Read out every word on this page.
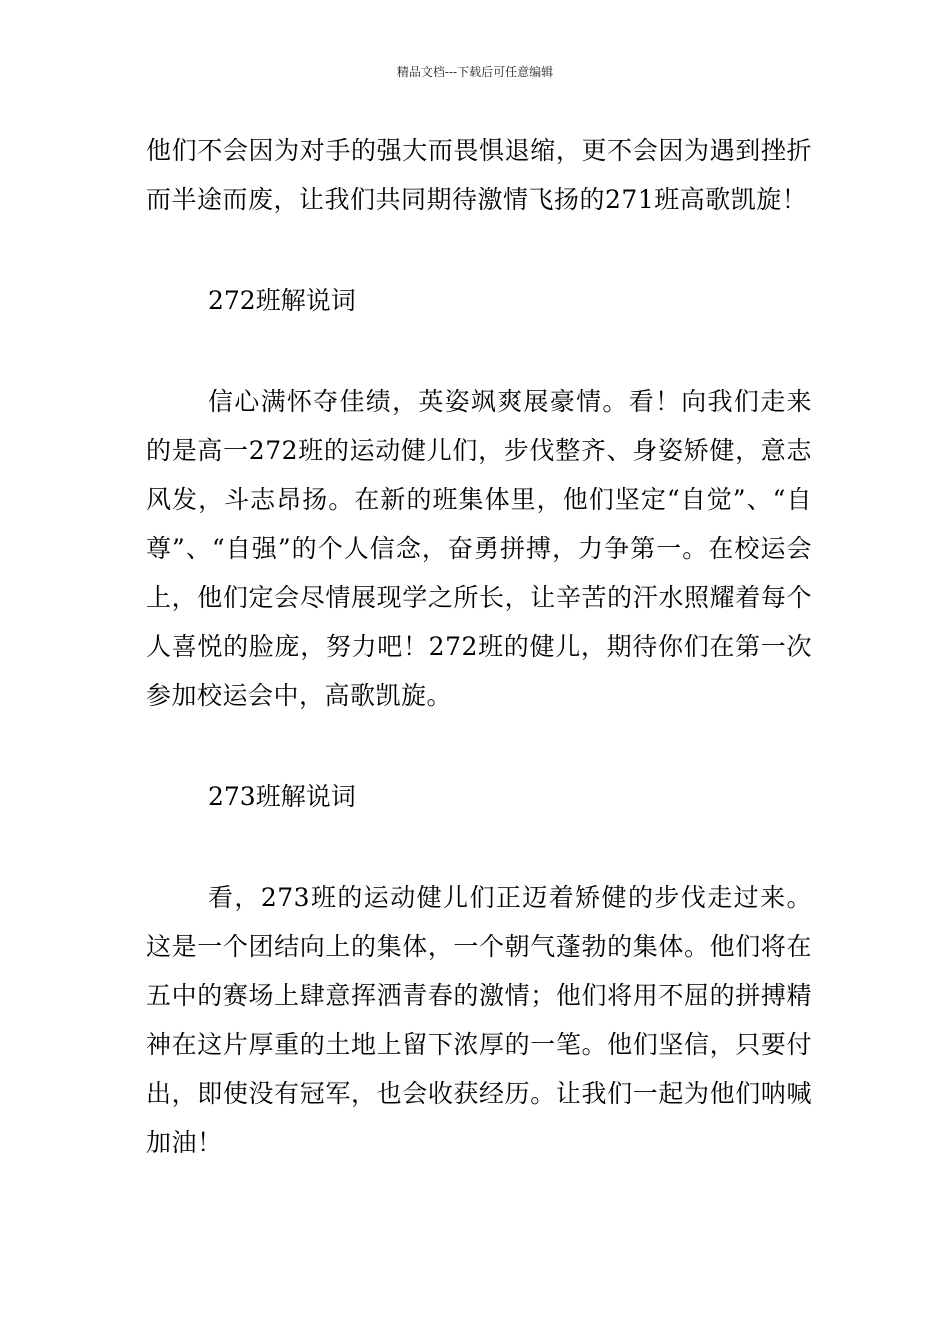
精品文档---下载后可任意编辑

他们不会因为对手的强大而畏惧退缩，更不会因为遇到挫折而半途而废，让我们共同期待激情飞扬的271班高歌凯旋！

272班解说词

信心满怀夺佳绩，英姿飒爽展豪情。看！向我们走来的是高一272班的运动健儿们，步伐整齐、身姿矫健，意志风发，斗志昂扬。在新的班集体里，他们坚定“自觉”、“自尊”、“自强”的个人信念，奋勇拼搏，力争第一。在校运会上，他们定会尽情展现学之所长，让辛苦的汗水照耀着每个人喜悦的脸庞，努力吧！272班的健儿，期待你们在第一次参加校运会中，高歌凯旋。

273班解说词

看，273班的运动健儿们正迈着矫健的步伐走过来。这是一个团结向上的集体，一个朝气蓬勃的集体。他们将在五中的赛场上肆意挥洒青春的激情；他们将用不屈的拼搏精神在这片厚重的土地上留下浓厚的一笔。他们坚信，只要付出，即使没有冠军，也会收获经历。让我们一起为他们呐喊加油！
